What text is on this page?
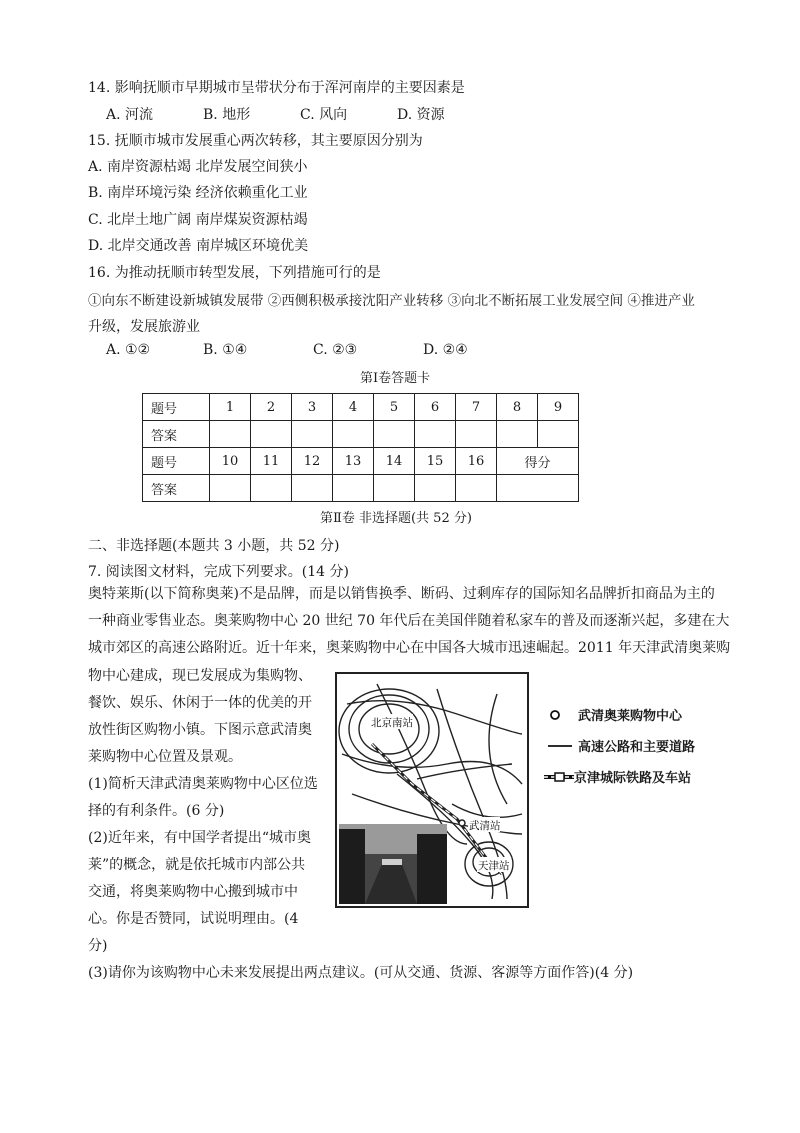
14. 影响抚顺市早期城市呈带状分布于浑河南岸的主要因素是
A. 河流	B. 地形	C. 风向	D. 资源
15. 抚顺市城市发展重心两次转移，其主要原因分别为
A. 南岸资源枯竭 北岸发展空间狭小
B. 南岸环境污染 经济依赖重化工业
C. 北岸土地广阔 南岸煤炭资源枯竭
D. 北岸交通改善 南岸城区环境优美
16. 为推动抚顺市转型发展，下列措施可行的是
①向东不断建设新城镇发展带 ②西侧积极承接沈阳产业转移 ③向北不断拓展工业发展空间 ④推进产业
升级，发展旅游业
A. ①②	B. ①④	C. ②③	D. ②④
第Ⅰ卷答题卡
题号	1	2	3	4	5	6	7	8	9
答案									
题号	10	11	12	13	14	15	16	得分	
答案									
第Ⅱ卷 非选择题(共 52 分)
二、非选择题(本题共 3 小题，共 52 分)
7. 阅读图文材料，完成下列要求。(14 分)
奥特莱斯(以下简称奥莱)不是品牌，而是以销售换季、断码、过剩库存的国际知名品牌折扣商品为主的
一种商业零售业态。奥莱购物中心 20 世纪 70 年代后在美国伴随着私家车的普及而逐渐兴起，多建在大
城市郊区的高速公路附近。近十年来，奥莱购物中心在中国各大城市迅速崛起。2011 年天津武清奥莱购
物中心建成，现已发展成为集购物、
餐饮、娱乐、休闲于一体的优美的开
放性街区购物小镇。下图示意武清奥
莱购物中心位置及景观。
(1)简析天津武清奥莱购物中心区位选
择的有利条件。(6 分)
(2)近年来，有中国学者提出“城市奥
莱”的概念，就是依托城市内部公共
交通，将奥莱购物中心搬到城市中
心。你是否赞同，试说明理由。(4
分)
(3)请你为该购物中心未来发展提出两点建议。(可从交通、货源、客源等方面作答)(4 分)
北京南站
武清站
天津站
武清奥莱购物中心
高速公路和主要道路
京津城际铁路及车站
